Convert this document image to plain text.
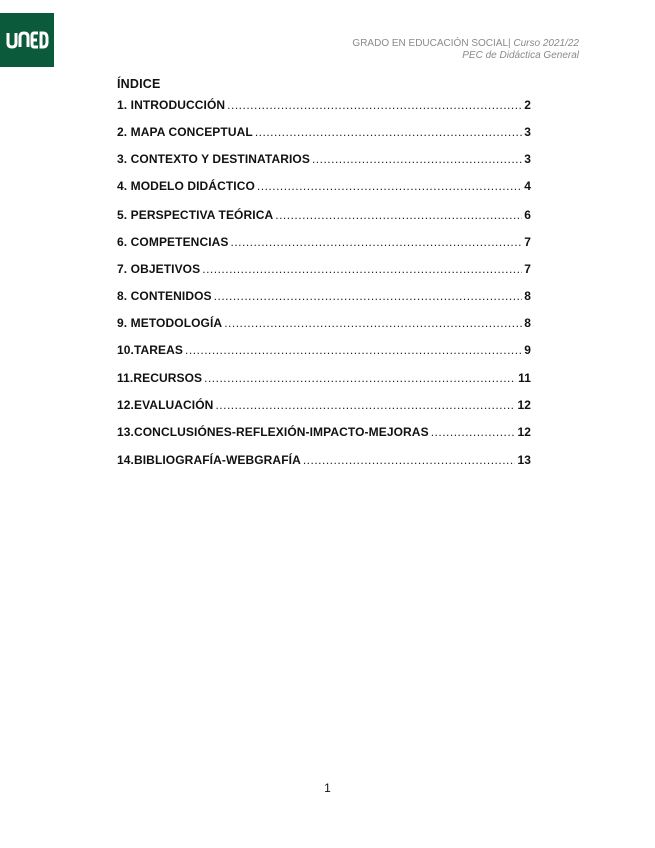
GRADO EN EDUCACIÓN SOCIAL| Curso 2021/22
PEC de Didáctica General
ÍNDICE
1. INTRODUCCIÓN .....	2
2. MAPA CONCEPTUAL .....	3
3. CONTEXTO Y DESTINATARIOS .....	3
4. MODELO DIDÁCTICO .....	4
5. PERSPECTIVA TEÓRICA .....	6
6. COMPETENCIAS .....	7
7. OBJETIVOS .....	7
8. CONTENIDOS .....	8
9. METODOLOGÍA .....	8
10.TAREAS .....	9
11.RECURSOS .....	11
12.EVALUACIÓN .....	12
13.CONCLUSIÓNES-REFLEXIÓN-IMPACTO-MEJORAS .....	12
14.BIBLIOGRAFÍA-WEBGRAFÍA .....	13
1
